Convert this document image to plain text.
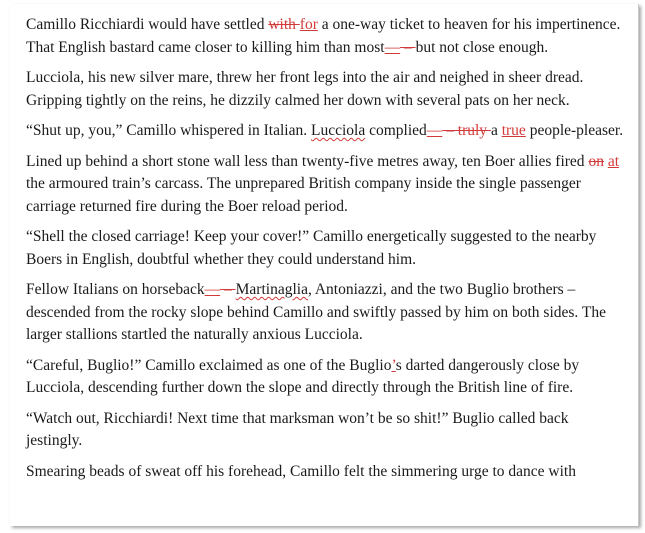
Camillo Ricchiardi would have settled with for a one-way ticket to heaven for his impertinence. That English bastard came closer to killing him than most— – but not close enough.

Lucciola, his new silver mare, threw her front legs into the air and neighed in sheer dread. Gripping tightly on the reins, he dizzily calmed her down with several pats on her neck.

“Shut up, you,” Camillo whispered in Italian. Lucciola complied— – truly a true people-pleaser.

Lined up behind a short stone wall less than twenty-five metres away, ten Boer allies fired on at the armoured train’s carcass. The unprepared British company inside the single passenger carriage returned fire during the Boer reload period.

“Shell the closed carriage! Keep your cover!” Camillo energetically suggested to the nearby Boers in English, doubtful whether they could understand him.

Fellow Italians on horseback— – Martinaglia, Antoniazzi, and the two Buglio brothers – descended from the rocky slope behind Camillo and swiftly passed by him on both sides. The larger stallions startled the naturally anxious Lucciola.

“Careful, Buglio!” Camillo exclaimed as one of the Buglio’s darted dangerously close by Lucciola, descending further down the slope and directly through the British line of fire.

“Watch out, Ricchiardi! Next time that marksman won’t be so shit!” Buglio called back jestingly.

Smearing beads of sweat off his forehead, Camillo felt the simmering urge to dance with
